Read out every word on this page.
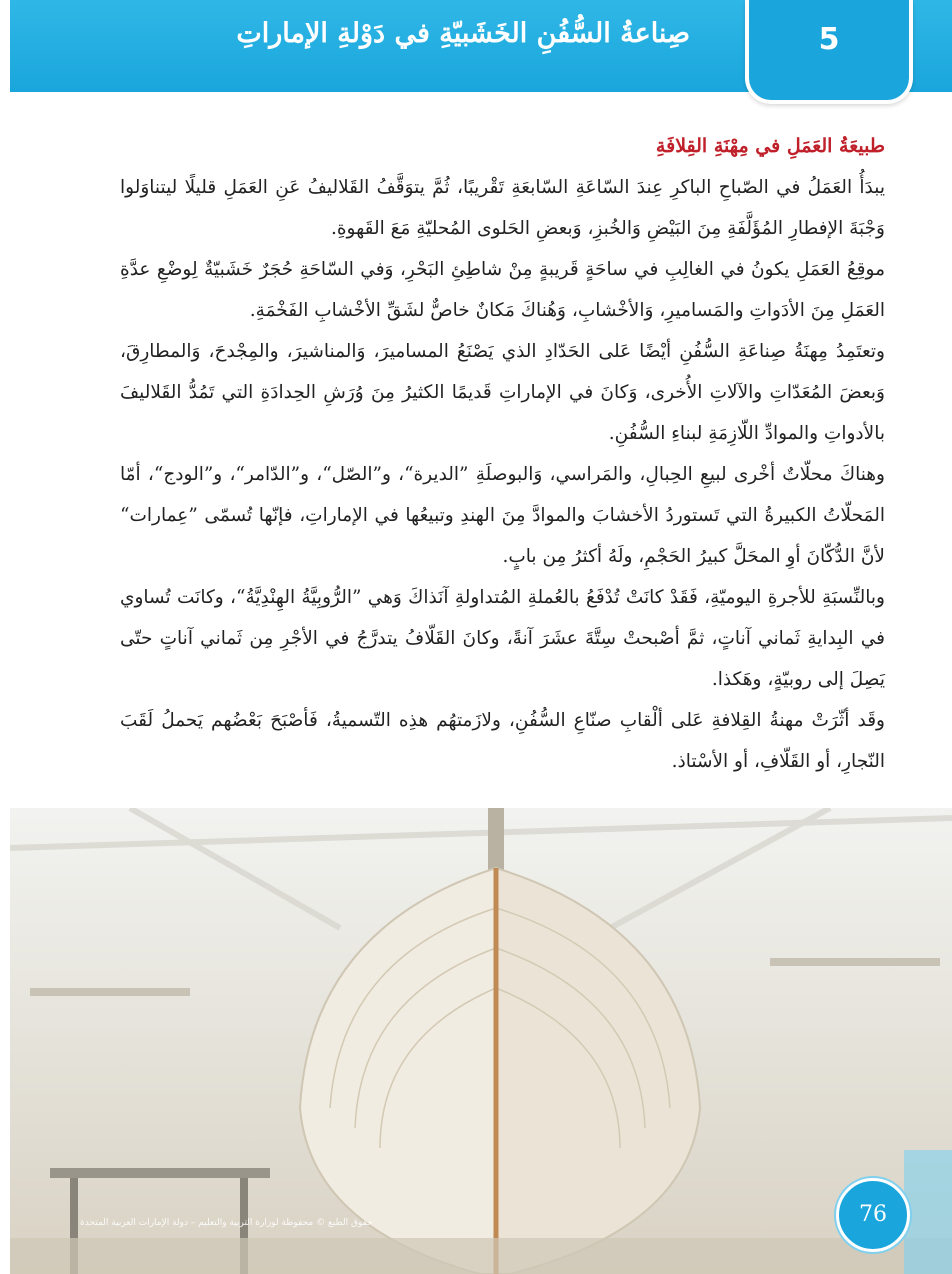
صِناعةُ السُّفُنِ الخَشَبيّةِ في دَوْلةِ الإماراتِ	5
طبيعَةُ العَمَلِ في مِهْنَةِ القِلافَةِ

يبدَأُ العَمَلُ في الصّباحِ الباكرِ عِندَ السّاعَةِ السّابعَةِ تَقْريبًا، ثُمَّ يتوَقَّفُ القَلاليفُ عَنِ العَمَلِ قليلًا ليتناوَلوا وَجْبَةَ الإفطارِ المُؤَلَّفَةِ مِنَ البَيْضِ وَالخُبزِ، وَبعضِ الحَلوى المُحليّةِ مَعَ القَهوةِ.

موقِعُ العَمَلِ يكونُ في الغالِبِ في ساحَةٍ قَريبةٍ مِنْ شاطِئِ البَحْرِ، وَفي السّاحَةِ حُجَرٌ خَشَبيّةٌ لِوضْعِ عدَّةِ العَمَلِ مِنَ الأدَواتِ والمَساميرِ، وَالأخْشابِ، وَهُناكَ مَكانٌ خاصٌّ لشَقِّ الأخْشابِ الفَخْمَةِ.

وتعتَمِدُ مِهنَةُ صِناعَةِ السُّفُنِ أيْضًا عَلى الحَدّادِ الذي يَصْنَعُ المساميرَ، وَالمناشيرَ، والمِجْدحَ، وَالمطارِقَ، وَبعضَ المُعَدّاتِ والآلاتِ الأُخرى، وَكانَ في الإماراتِ قَديمًا الكثيرُ مِنَ وُرَشِ الحِدادَةِ التي تَمُدُّ القَلاليفَ بالأدواتِ والموادِّ اللّازِمَةِ لبناءِ السُّفُنِ.

وهناكَ محلّاتٌ أخْرى لبيعِ الحِبالِ، والمَراسي، وَالبوصلَةِ ”الديرة“، و”الصّل“، و”الدّامر“، و”الودج“، أمّا المَحلّاتُ الكبيرةُ التي تَستوردُ الأخشابَ والموادَّ مِنَ الهندِ وتبيعُها في الإماراتِ، فإنّها تُسمّى ”عِمارات“ لأنَّ الدُّكّانَ أوِ المحَلَّ كبيرُ الحَجْمِ، ولَهُ أكثرُ مِن بابٍ.

وبالنِّسبَةِ للأجرةِ اليوميّةِ، فَقَدْ كانَتْ تُدْفَعُ بالعُملةِ المُتداولةِ آنَذاكَ وَهي ”الرُّوبِيَّةُ الهِنْدِيَّةُ“، وكانَت تُساوي في البِدايةِ ثَماني آناتٍ، ثمَّ أصْبحتْ سِتَّةَ عشَرَ آنةً، وكانَ القَلّافُ يتدرَّجُ في الأجْرِ مِن ثَماني آناتٍ حتّى يَصِلَ إلى روبيّةٍ، وهَكذا.

وقَد أثّرَتْ مهنةُ القِلافةِ عَلى ألْقابِ صنّاعِ السُّفُنِ، ولازَمتهُم هذِه التّسميةُ، فَأصْبَحَ بَعْضُهم يَحملُ لَقَبَ النّجارِ، أو القَلّافِ، أو الأسْتاذ.

76
حقوق الطبع © محفوظة لوزارة التربية والتعليم – دولة الإمارات العربية المتحدة
